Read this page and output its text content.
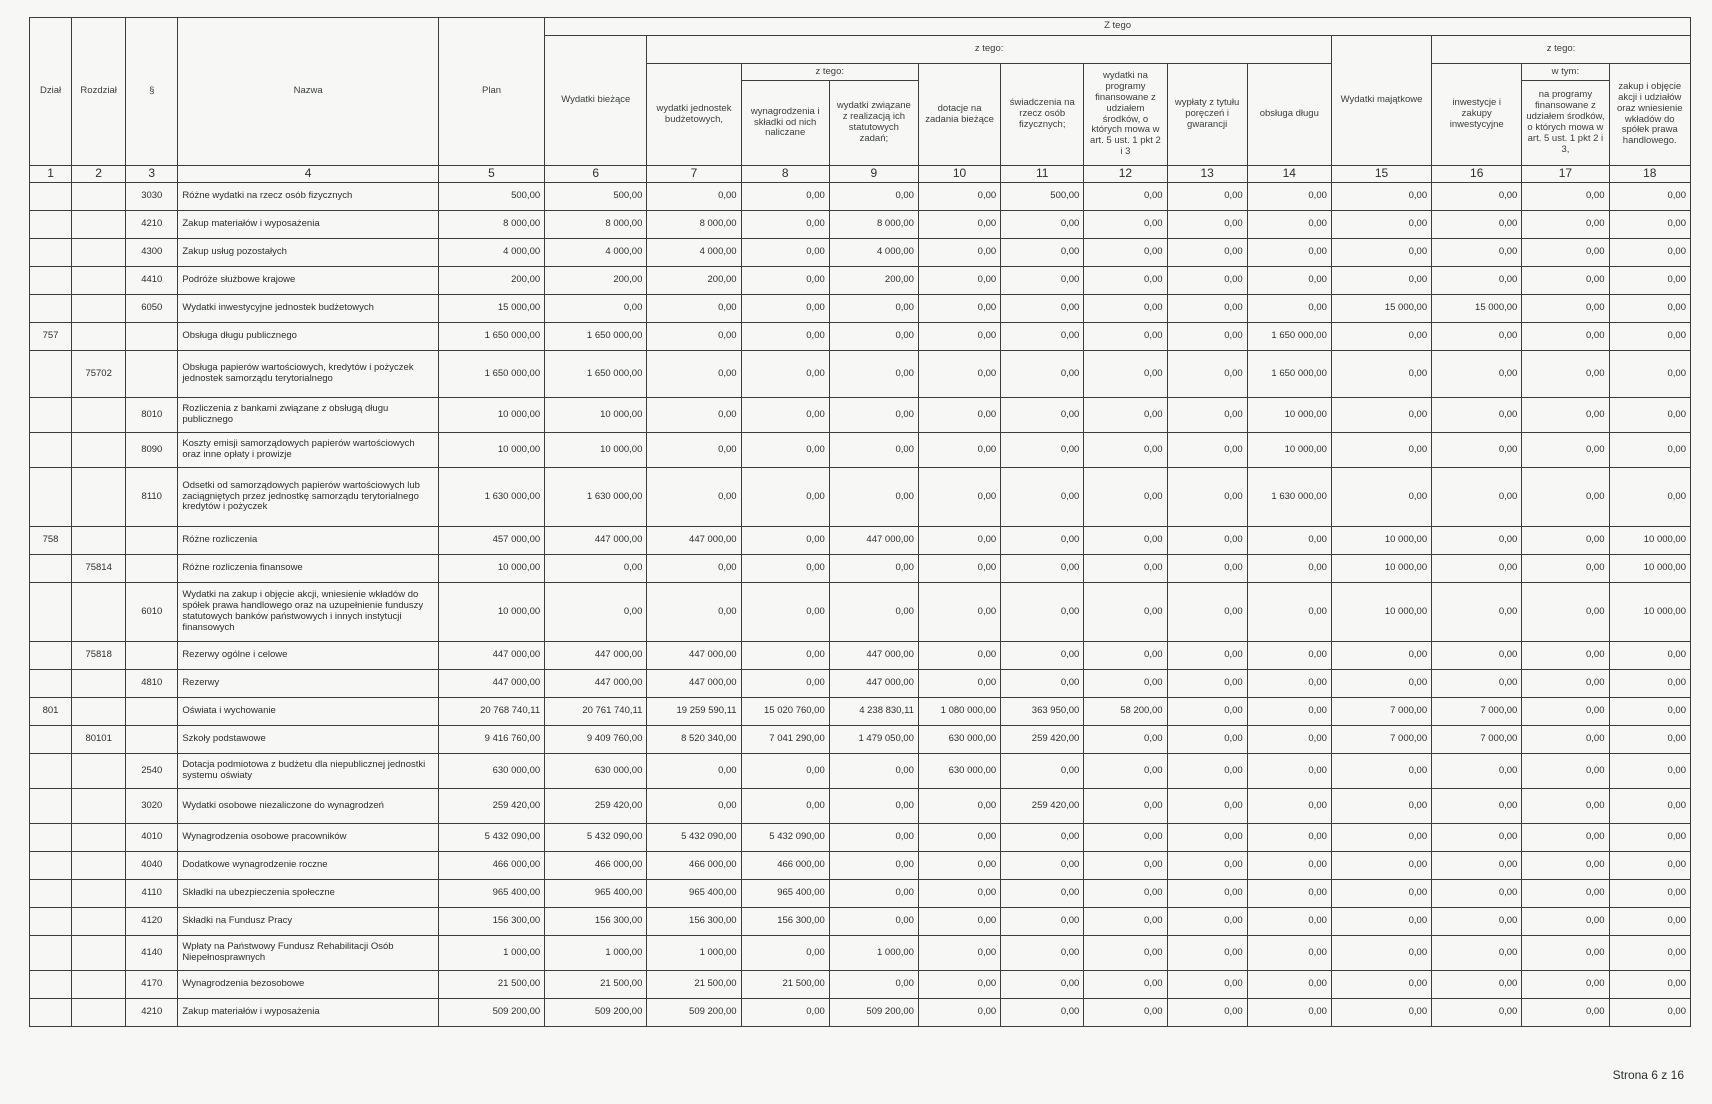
Dział	Rozdział	§	Nazwa	Plan	Z tego												
					Wydatki bieżące	z tego:								Wydatki majątkowe	z tego:		
						wydatki jednostek budżetowych,	z tego:		dotacje na zadania bieżące	świadczenia na rzecz osób fizycznych;	wydatki na programy finansowane z udziałem środków, o których mowa w art. 5 ust. 1 pkt 2 i 3	wypłaty z tytułu poręczeń i gwarancji	obsługa długu		inwestycje i zakupy inwestycyjne	w tym:	zakup i objęcie akcji i udziałów oraz wniesienie wkładów do spółek prawa handlowego.
							wynagrodzenia i składki od nich naliczane	wydatki związane z realizacją ich statutowych zadań;								na programy finansowane z udziałem środków, o których mowa w art. 5 ust. 1 pkt 2 i 3,	
1	2	3	4	5	6	7	8	9	10	11	12	13	14	15	16	17	18
		3030	Różne wydatki na rzecz osób fizycznych	500,00	500,00	0,00	0,00	0,00	0,00	500,00	0,00	0,00	0,00	0,00	0,00	0,00	0,00
		4210	Zakup materiałów i wyposażenia	8 000,00	8 000,00	8 000,00	0,00	8 000,00	0,00	0,00	0,00	0,00	0,00	0,00	0,00	0,00	0,00
		4300	Zakup usług pozostałych	4 000,00	4 000,00	4 000,00	0,00	4 000,00	0,00	0,00	0,00	0,00	0,00	0,00	0,00	0,00	0,00
		4410	Podróże służbowe krajowe	200,00	200,00	200,00	0,00	200,00	0,00	0,00	0,00	0,00	0,00	0,00	0,00	0,00	0,00
		6050	Wydatki inwestycyjne jednostek budżetowych	15 000,00	0,00	0,00	0,00	0,00	0,00	0,00	0,00	0,00	0,00	15 000,00	15 000,00	0,00	0,00
757			Obsługa długu publicznego	1 650 000,00	1 650 000,00	0,00	0,00	0,00	0,00	0,00	0,00	0,00	1 650 000,00	0,00	0,00	0,00	0,00
	75702		Obsługa papierów wartościowych, kredytów i pożyczek jednostek samorządu terytorialnego	1 650 000,00	1 650 000,00	0,00	0,00	0,00	0,00	0,00	0,00	0,00	1 650 000,00	0,00	0,00	0,00	0,00
		8010	Rozliczenia z bankami związane z obsługą długu publicznego	10 000,00	10 000,00	0,00	0,00	0,00	0,00	0,00	0,00	0,00	10 000,00	0,00	0,00	0,00	0,00
		8090	Koszty emisji samorządowych papierów wartościowych oraz inne opłaty i prowizje	10 000,00	10 000,00	0,00	0,00	0,00	0,00	0,00	0,00	0,00	10 000,00	0,00	0,00	0,00	0,00
		8110	Odsetki od samorządowych papierów wartościowych lub zaciągniętych przez jednostkę samorządu terytorialnego kredytów i pożyczek	1 630 000,00	1 630 000,00	0,00	0,00	0,00	0,00	0,00	0,00	0,00	1 630 000,00	0,00	0,00	0,00	0,00
758			Różne rozliczenia	457 000,00	447 000,00	447 000,00	0,00	447 000,00	0,00	0,00	0,00	0,00	0,00	10 000,00	0,00	0,00	10 000,00
	75814		Różne rozliczenia finansowe	10 000,00	0,00	0,00	0,00	0,00	0,00	0,00	0,00	0,00	0,00	10 000,00	0,00	0,00	10 000,00
		6010	Wydatki na zakup i objęcie akcji, wniesienie wkładów do spółek prawa handlowego oraz na uzupełnienie funduszy statutowych banków państwowych i innych instytucji finansowych	10 000,00	0,00	0,00	0,00	0,00	0,00	0,00	0,00	0,00	0,00	10 000,00	0,00	0,00	10 000,00
	75818		Rezerwy ogólne i celowe	447 000,00	447 000,00	447 000,00	0,00	447 000,00	0,00	0,00	0,00	0,00	0,00	0,00	0,00	0,00	0,00
		4810	Rezerwy	447 000,00	447 000,00	447 000,00	0,00	447 000,00	0,00	0,00	0,00	0,00	0,00	0,00	0,00	0,00	0,00
801			Oświata i wychowanie	20 768 740,11	20 761 740,11	19 259 590,11	15 020 760,00	4 238 830,11	1 080 000,00	363 950,00	58 200,00	0,00	0,00	7 000,00	7 000,00	0,00	0,00
	80101		Szkoły podstawowe	9 416 760,00	9 409 760,00	8 520 340,00	7 041 290,00	1 479 050,00	630 000,00	259 420,00	0,00	0,00	0,00	7 000,00	7 000,00	0,00	0,00
		2540	Dotacja podmiotowa z budżetu dla niepublicznej jednostki systemu oświaty	630 000,00	630 000,00	0,00	0,00	0,00	630 000,00	0,00	0,00	0,00	0,00	0,00	0,00	0,00	0,00
		3020	Wydatki osobowe niezaliczone do wynagrodzeń	259 420,00	259 420,00	0,00	0,00	0,00	0,00	259 420,00	0,00	0,00	0,00	0,00	0,00	0,00	0,00
		4010	Wynagrodzenia osobowe pracowników	5 432 090,00	5 432 090,00	5 432 090,00	5 432 090,00	0,00	0,00	0,00	0,00	0,00	0,00	0,00	0,00	0,00	0,00
		4040	Dodatkowe wynagrodzenie roczne	466 000,00	466 000,00	466 000,00	466 000,00	0,00	0,00	0,00	0,00	0,00	0,00	0,00	0,00	0,00	0,00
		4110	Składki na ubezpieczenia społeczne	965 400,00	965 400,00	965 400,00	965 400,00	0,00	0,00	0,00	0,00	0,00	0,00	0,00	0,00	0,00	0,00
		4120	Składki na Fundusz Pracy	156 300,00	156 300,00	156 300,00	156 300,00	0,00	0,00	0,00	0,00	0,00	0,00	0,00	0,00	0,00	0,00
		4140	Wpłaty na Państwowy Fundusz Rehabilitacji Osób Niepełnosprawnych	1 000,00	1 000,00	1 000,00	0,00	1 000,00	0,00	0,00	0,00	0,00	0,00	0,00	0,00	0,00	0,00
		4170	Wynagrodzenia bezosobowe	21 500,00	21 500,00	21 500,00	21 500,00	0,00	0,00	0,00	0,00	0,00	0,00	0,00	0,00	0,00	0,00
		4210	Zakup materiałów i wyposażenia	509 200,00	509 200,00	509 200,00	0,00	509 200,00	0,00	0,00	0,00	0,00	0,00	0,00	0,00	0,00	0,00
Strona 6 z 16
